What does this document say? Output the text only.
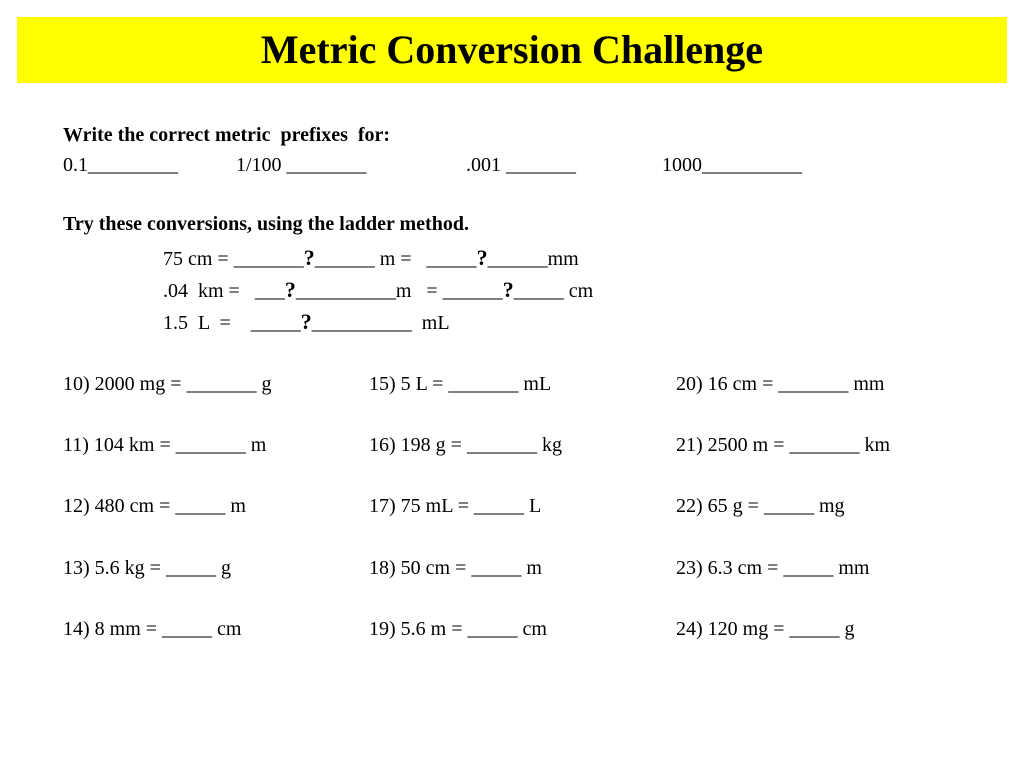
Metric Conversion Challenge
Write the correct metric  prefixes  for:
0.1_________	1/100 ________	.001 _______	1000__________
Try these conversions, using the ladder method.
75 cm = _______?______ m =   _____?______mm
.04  km =   ___?__________m   = ______?_____ cm
1.5  L  =    _____?__________  mL
10) 2000 mg = _______ g	15) 5 L = _______ mL	20) 16 cm = _______ mm
11) 104 km = _______ m	16) 198 g = _______ kg	21) 2500 m = _______ km
12) 480 cm = _____ m	17) 75 mL = _____ L	22) 65 g = _____ mg
13) 5.6 kg = _____ g	18) 50 cm = _____ m	23) 6.3 cm = _____ mm
14) 8 mm = _____ cm	19) 5.6 m = _____ cm	24) 120 mg = _____ g
